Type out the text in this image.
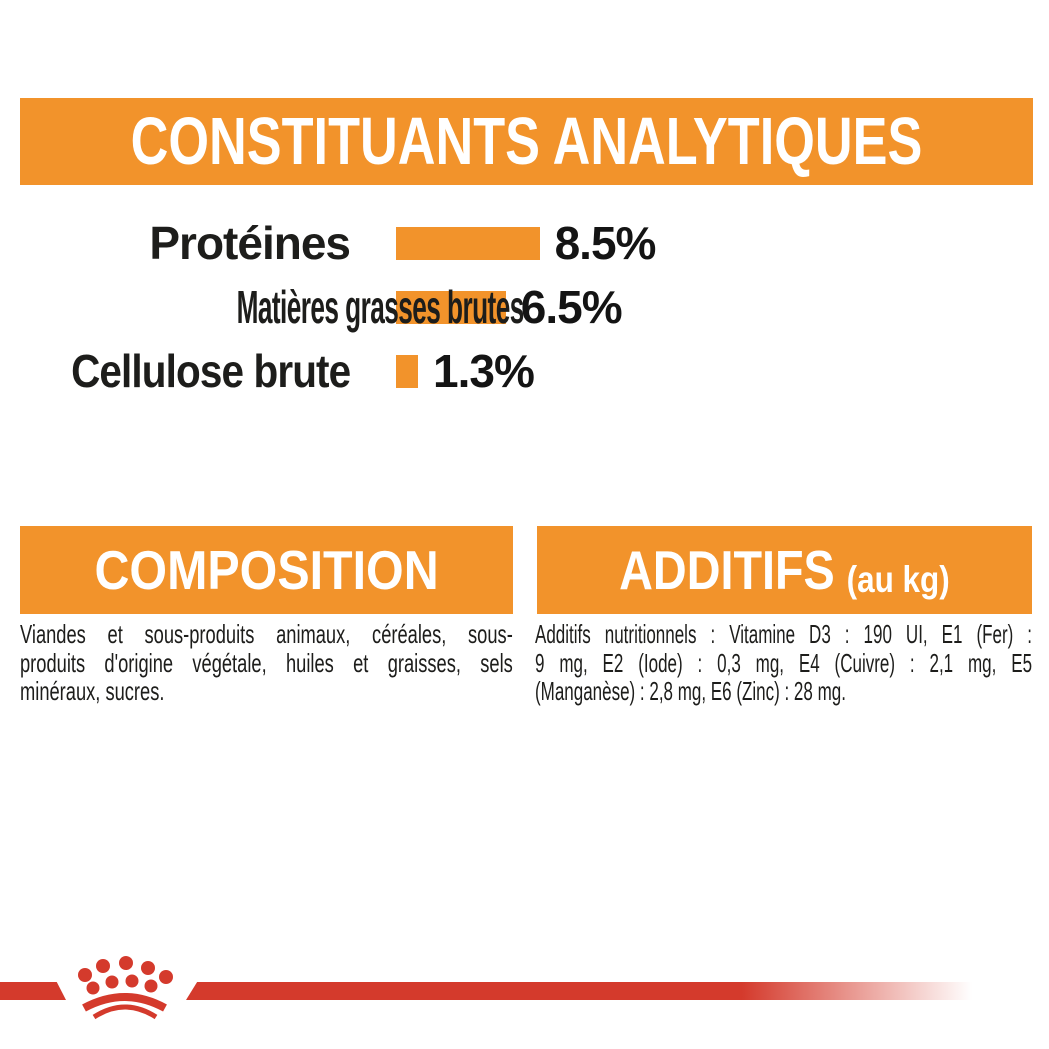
CONSTITUANTS ANALYTIQUES
Protéines	8.5%
Matières grasses brutes
6.5%
Cellulose brute 1.3%
COMPOSITION
Viandes et sous-produits animaux, céréales, sous-
produits d'origine végétale, huiles et graisses, sels
minéraux, sucres.
ADDITIFS (au kg)
Additifs nutritionnels : Vitamine D3 : 190 UI, E1 (Fer) :
9 mg, E2 (Iode) : 0,3 mg, E4 (Cuivre) : 2,1 mg, E5
(Manganèse) : 2,8 mg, E6 (Zinc) : 28 mg.
